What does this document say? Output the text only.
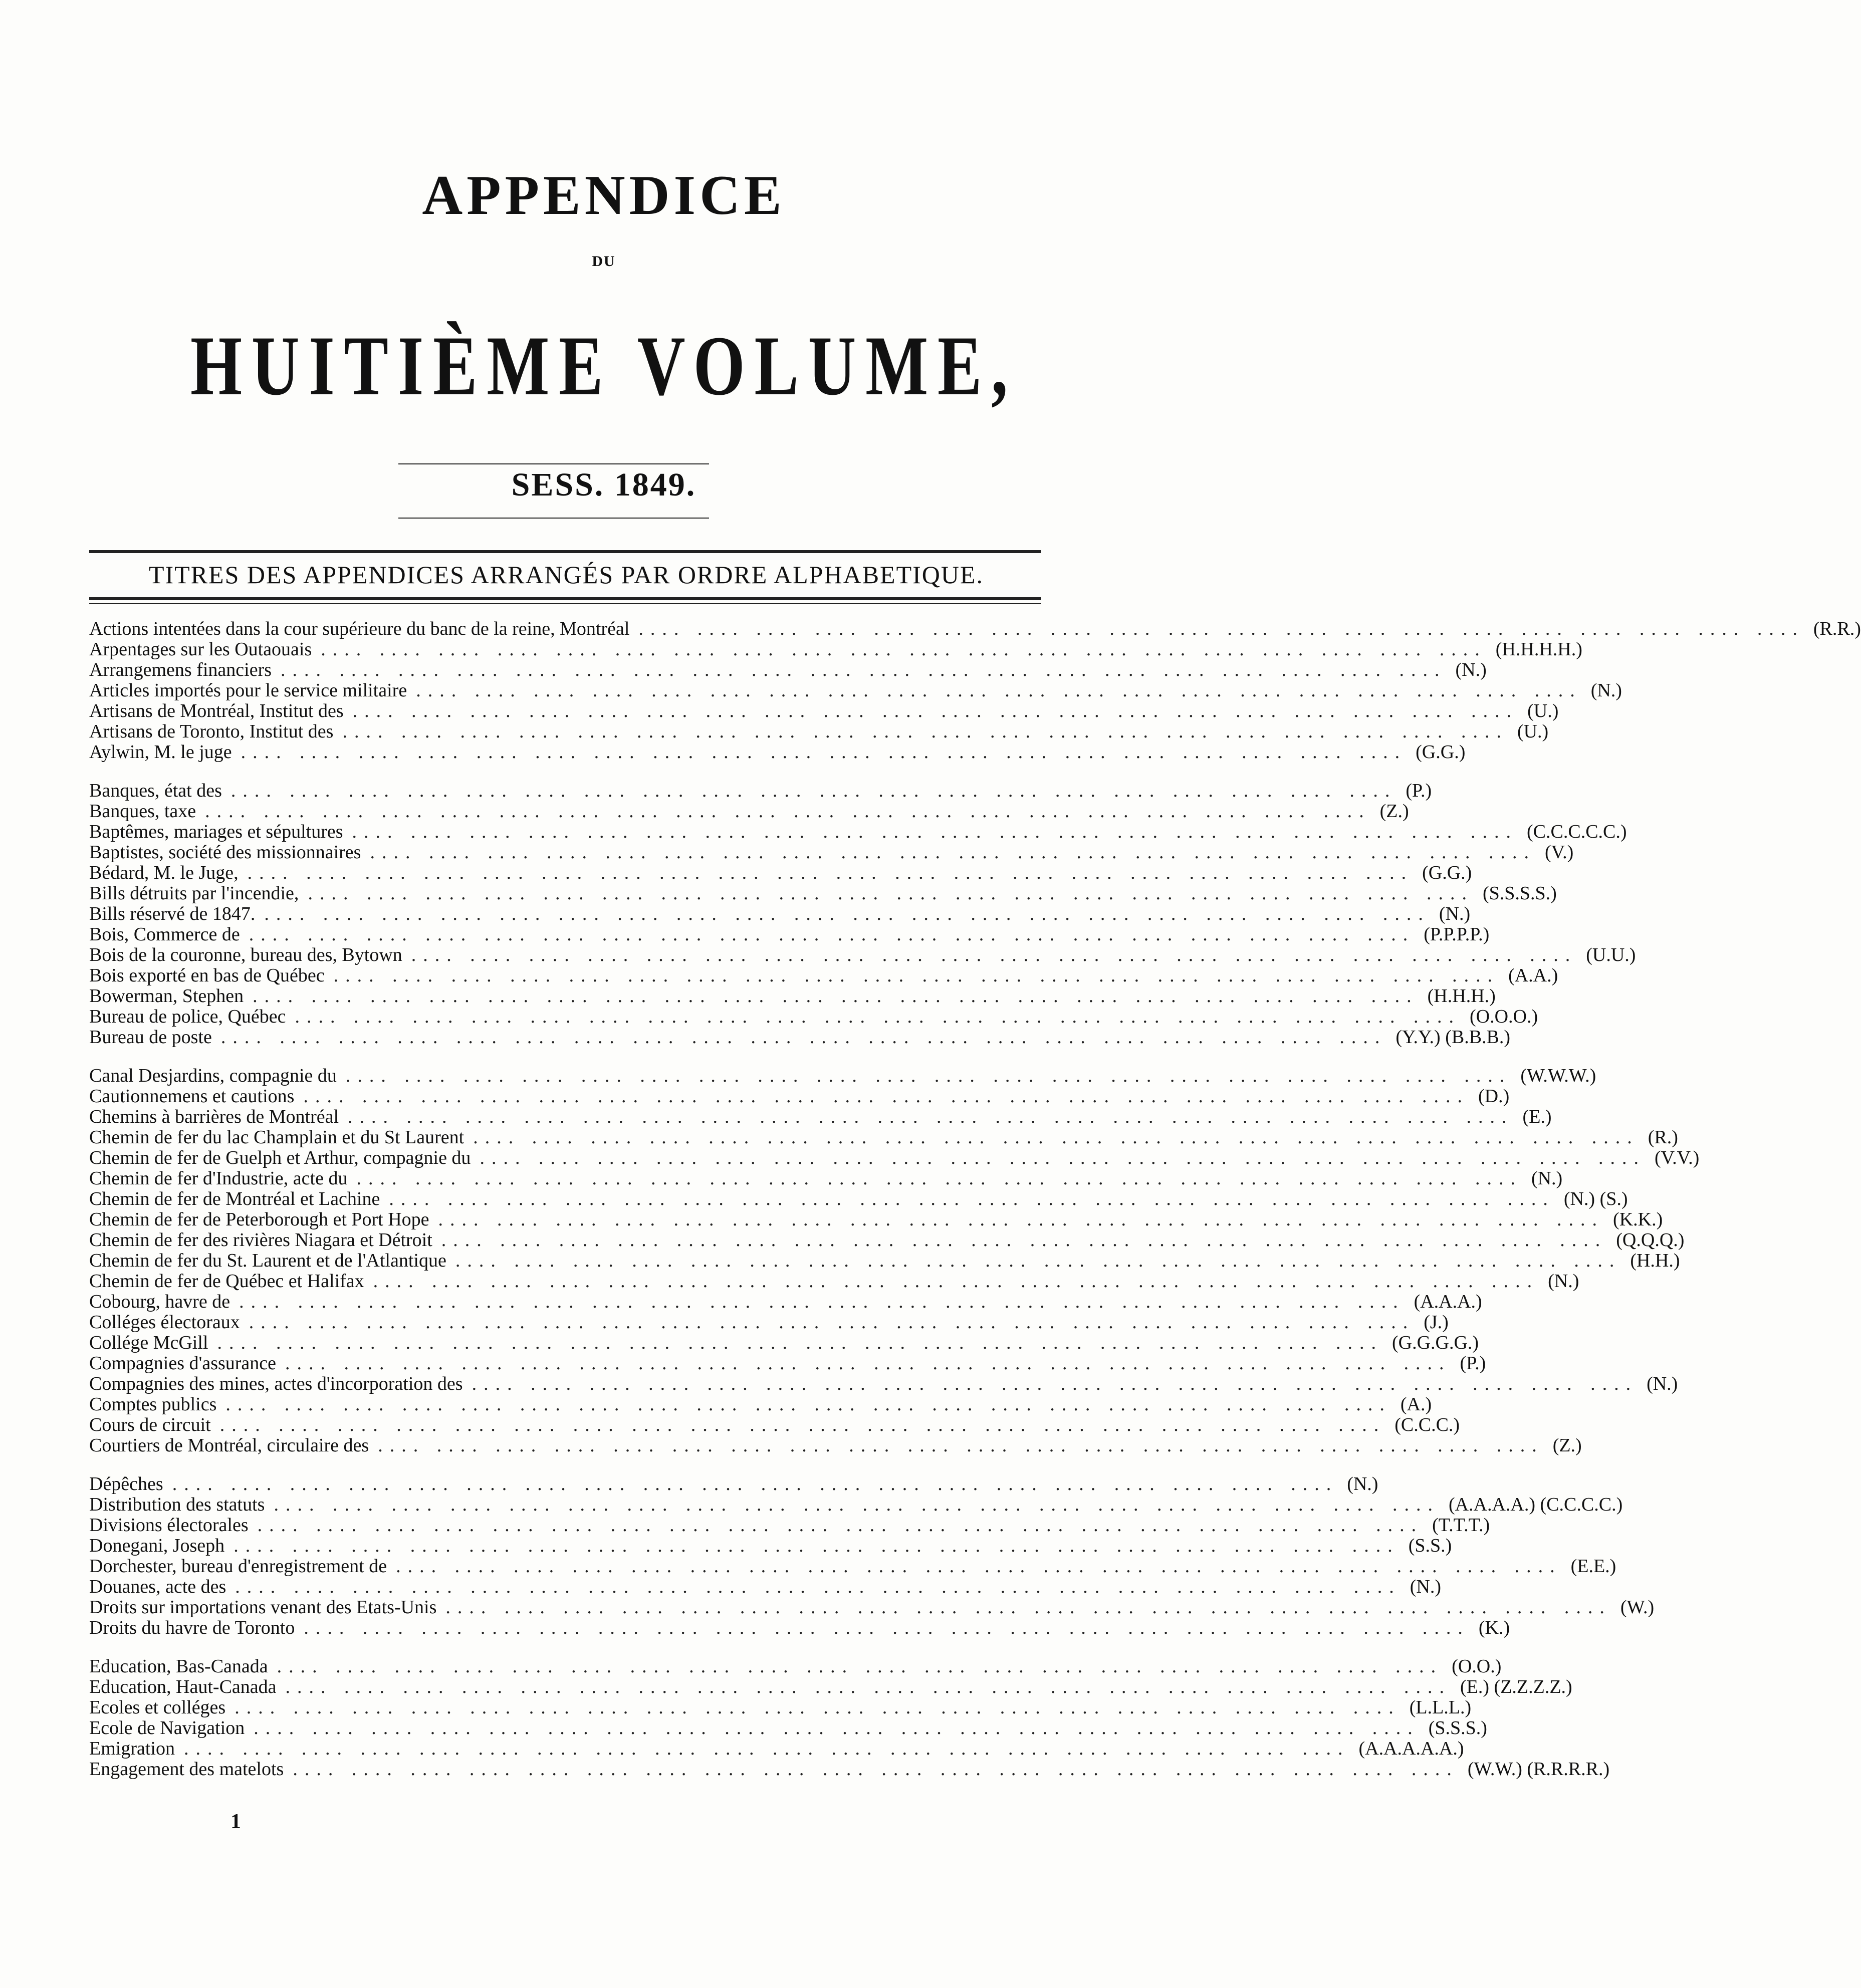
APPENDICE
DU
HUITIÈME VOLUME,
SESS. 1849.
TITRES DES APPENDICES ARRANGÉS PAR ORDRE ALPHABETIQUE.
Actions intentées dans la cour supérieure du banc de la reine, Montréal .... .... .... .... .... .... .... .... .... .... .... .... .... .... .... .... .... .... .... .... (R.R.)
Arpentages sur les Outaouais .... .... .... .... .... .... .... .... .... .... .... .... .... .... .... .... .... .... .... .... (H.H.H.H.)
Arrangemens financiers .... .... .... .... .... .... .... .... .... .... .... .... .... .... .... .... .... .... .... .... (N.)
Articles importés pour le service militaire .... .... .... .... .... .... .... .... .... .... .... .... .... .... .... .... .... .... .... .... (N.)
Artisans de Montréal, Institut des .... .... .... .... .... .... .... .... .... .... .... .... .... .... .... .... .... .... .... .... (U.)
Artisans de Toronto, Institut des .... .... .... .... .... .... .... .... .... .... .... .... .... .... .... .... .... .... .... .... (U.)
Aylwin, M. le juge .... .... .... .... .... .... .... .... .... .... .... .... .... .... .... .... .... .... .... .... (G.G.)
Banques, état des .... .... .... .... .... .... .... .... .... .... .... .... .... .... .... .... .... .... .... .... (P.)
Banques, taxe .... .... .... .... .... .... .... .... .... .... .... .... .... .... .... .... .... .... .... .... (Z.)
Baptêmes, mariages et sépultures .... .... .... .... .... .... .... .... .... .... .... .... .... .... .... .... .... .... .... .... (C.C.C.C.C.)
Baptistes, société des missionnaires .... .... .... .... .... .... .... .... .... .... .... .... .... .... .... .... .... .... .... .... (V.)
Bédard, M. le Juge, .... .... .... .... .... .... .... .... .... .... .... .... .... .... .... .... .... .... .... .... (G.G.)
Bills détruits par l'incendie, .... .... .... .... .... .... .... .... .... .... .... .... .... .... .... .... .... .... .... .... (S.S.S.S.)
Bills réservé de 1847. .... .... .... .... .... .... .... .... .... .... .... .... .... .... .... .... .... .... .... .... (N.)
Bois, Commerce de .... .... .... .... .... .... .... .... .... .... .... .... .... .... .... .... .... .... .... .... (P.P.P.P.)
Bois de la couronne, bureau des, Bytown .... .... .... .... .... .... .... .... .... .... .... .... .... .... .... .... .... .... .... .... (U.U.)
Bois exporté en bas de Québec .... .... .... .... .... .... .... .... .... .... .... .... .... .... .... .... .... .... .... .... (A.A.)
Bowerman, Stephen .... .... .... .... .... .... .... .... .... .... .... .... .... .... .... .... .... .... .... .... (H.H.H.)
Bureau de police, Québec .... .... .... .... .... .... .... .... .... .... .... .... .... .... .... .... .... .... .... .... (O.O.O.)
Bureau de poste .... .... .... .... .... .... .... .... .... .... .... .... .... .... .... .... .... .... .... .... (Y.Y.) (B.B.B.)
Canal Desjardins, compagnie du .... .... .... .... .... .... .... .... .... .... .... .... .... .... .... .... .... .... .... .... (W.W.W.)
Cautionnemens et cautions .... .... .... .... .... .... .... .... .... .... .... .... .... .... .... .... .... .... .... .... (D.)
Chemins à barrières de Montréal .... .... .... .... .... .... .... .... .... .... .... .... .... .... .... .... .... .... .... .... (E.)
Chemin de fer du lac Champlain et du St Laurent .... .... .... .... .... .... .... .... .... .... .... .... .... .... .... .... .... .... .... .... (R.)
Chemin de fer de Guelph et Arthur, compagnie du .... .... .... .... .... .... .... .... .... .... .... .... .... .... .... .... .... .... .... .... (V.V.)
Chemin de fer d'Industrie, acte du .... .... .... .... .... .... .... .... .... .... .... .... .... .... .... .... .... .... .... .... (N.)
Chemin de fer de Montréal et Lachine .... .... .... .... .... .... .... .... .... .... .... .... .... .... .... .... .... .... .... .... (N.) (S.)
Chemin de fer de Peterborough et Port Hope .... .... .... .... .... .... .... .... .... .... .... .... .... .... .... .... .... .... .... .... (K.K.)
Chemin de fer des rivières Niagara et Détroit .... .... .... .... .... .... .... .... .... .... .... .... .... .... .... .... .... .... .... .... (Q.Q.Q.)
Chemin de fer du St. Laurent et de l'Atlantique .... .... .... .... .... .... .... .... .... .... .... .... .... .... .... .... .... .... .... .... (H.H.)
Chemin de fer de Québec et Halifax .... .... .... .... .... .... .... .... .... .... .... .... .... .... .... .... .... .... .... .... (N.)
Cobourg, havre de .... .... .... .... .... .... .... .... .... .... .... .... .... .... .... .... .... .... .... .... (A.A.A.)
Colléges électoraux .... .... .... .... .... .... .... .... .... .... .... .... .... .... .... .... .... .... .... .... (J.)
Collége McGill .... .... .... .... .... .... .... .... .... .... .... .... .... .... .... .... .... .... .... .... (G.G.G.G.)
Compagnies d'assurance .... .... .... .... .... .... .... .... .... .... .... .... .... .... .... .... .... .... .... .... (P.)
Compagnies des mines, actes d'incorporation des .... .... .... .... .... .... .... .... .... .... .... .... .... .... .... .... .... .... .... .... (N.)
Comptes publics .... .... .... .... .... .... .... .... .... .... .... .... .... .... .... .... .... .... .... .... (A.)
Cours de circuit .... .... .... .... .... .... .... .... .... .... .... .... .... .... .... .... .... .... .... .... (C.C.C.)
Courtiers de Montréal, circulaire des .... .... .... .... .... .... .... .... .... .... .... .... .... .... .... .... .... .... .... .... (Z.)
Dépêches .... .... .... .... .... .... .... .... .... .... .... .... .... .... .... .... .... .... .... .... (N.)
Distribution des statuts .... .... .... .... .... .... .... .... .... .... .... .... .... .... .... .... .... .... .... .... (A.A.A.A.) (C.C.C.C.)
Divisions électorales .... .... .... .... .... .... .... .... .... .... .... .... .... .... .... .... .... .... .... .... (T.T.T.)
Donegani, Joseph .... .... .... .... .... .... .... .... .... .... .... .... .... .... .... .... .... .... .... .... (S.S.)
Dorchester, bureau d'enregistrement de .... .... .... .... .... .... .... .... .... .... .... .... .... .... .... .... .... .... .... .... (E.E.)
Douanes, acte des .... .... .... .... .... .... .... .... .... .... .... .... .... .... .... .... .... .... .... .... (N.)
Droits sur importations venant des Etats-Unis .... .... .... .... .... .... .... .... .... .... .... .... .... .... .... .... .... .... .... .... (W.)
Droits du havre de Toronto .... .... .... .... .... .... .... .... .... .... .... .... .... .... .... .... .... .... .... .... (K.)
Education, Bas-Canada .... .... .... .... .... .... .... .... .... .... .... .... .... .... .... .... .... .... .... .... (O.O.)
Education, Haut-Canada .... .... .... .... .... .... .... .... .... .... .... .... .... .... .... .... .... .... .... .... (E.) (Z.Z.Z.Z.)
Ecoles et colléges .... .... .... .... .... .... .... .... .... .... .... .... .... .... .... .... .... .... .... .... (L.L.L.)
Ecole de Navigation .... .... .... .... .... .... .... .... .... .... .... .... .... .... .... .... .... .... .... .... (S.S.S.)
Emigration .... .... .... .... .... .... .... .... .... .... .... .... .... .... .... .... .... .... .... .... (A.A.A.A.A.)
Engagement des matelots .... .... .... .... .... .... .... .... .... .... .... .... .... .... .... .... .... .... .... .... (W.W.) (R.R.R.R.)
1
